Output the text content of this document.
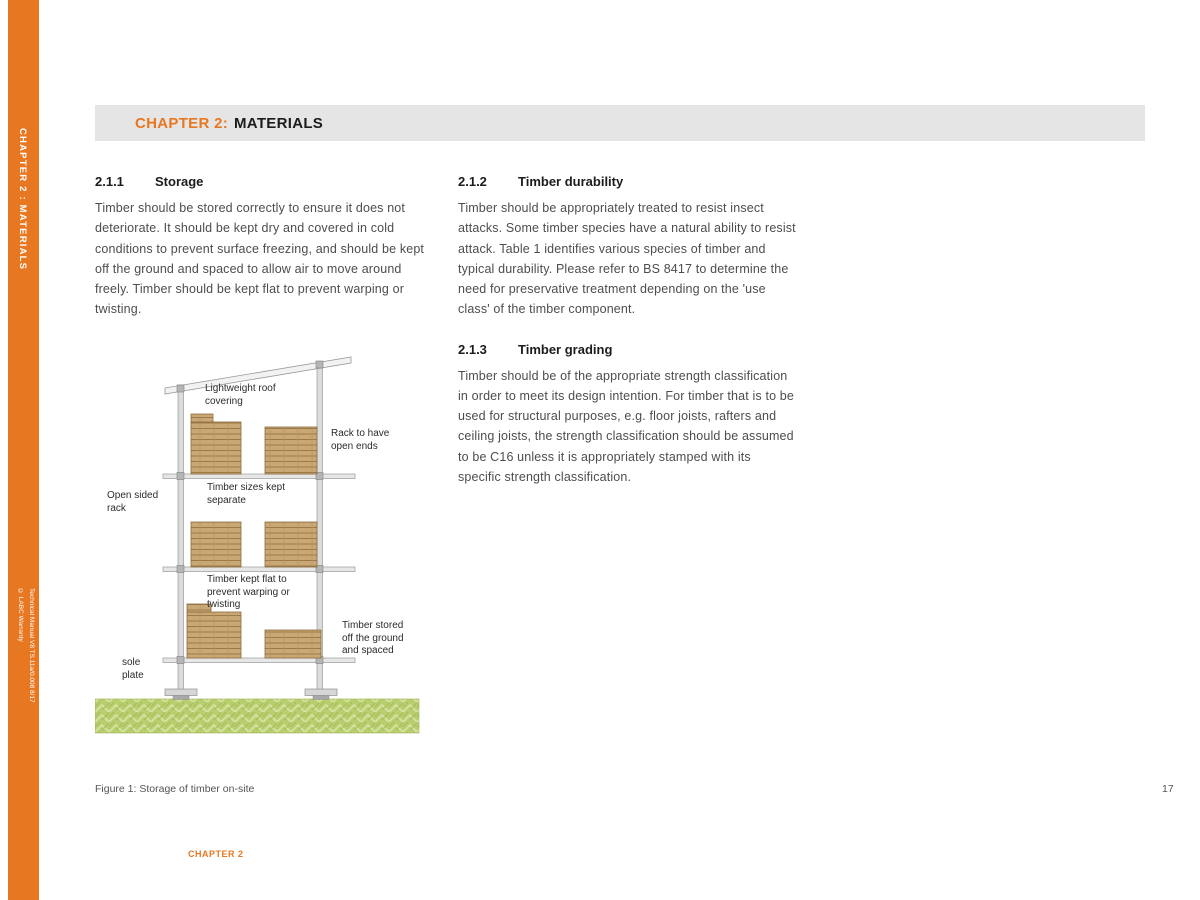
CHAPTER 2 : MATERIALS
Technical Manual V8 TS.11a/0.008 8/17
© LABC Warranty
CHAPTER 2: MATERIALS
2.1.1	Storage

Timber should be stored correctly to ensure it does not deteriorate. It should be kept dry and covered in cold conditions to prevent surface freezing, and should be kept off the ground and spaced to allow air to move around freely. Timber should be kept flat to prevent warping or twisting.

2.1.2	Timber durability

Timber should be appropriately treated to resist insect attacks. Some timber species have a natural ability to resist attack. Table 1 identifies various species of timber and typical durability. Please refer to BS 8417 to determine the need for preservative treatment depending on the 'use class' of the timber component.

2.1.3	Timber grading

Timber should be of the appropriate strength classification in order to meet its design intention. For timber that is to be used for structural purposes, e.g. floor joists, rafters and ceiling joists, the strength classification should be assumed to be C16 unless it is appropriately stamped with its specific strength classification.

Lightweight roof covering
Rack to have open ends
Open sided rack
Timber sizes kept separate
Timber kept flat to prevent warping or twisting
Timber stored off the ground and spaced
sole plate
Figure 1: Storage of timber on-site
CHAPTER 2
17
